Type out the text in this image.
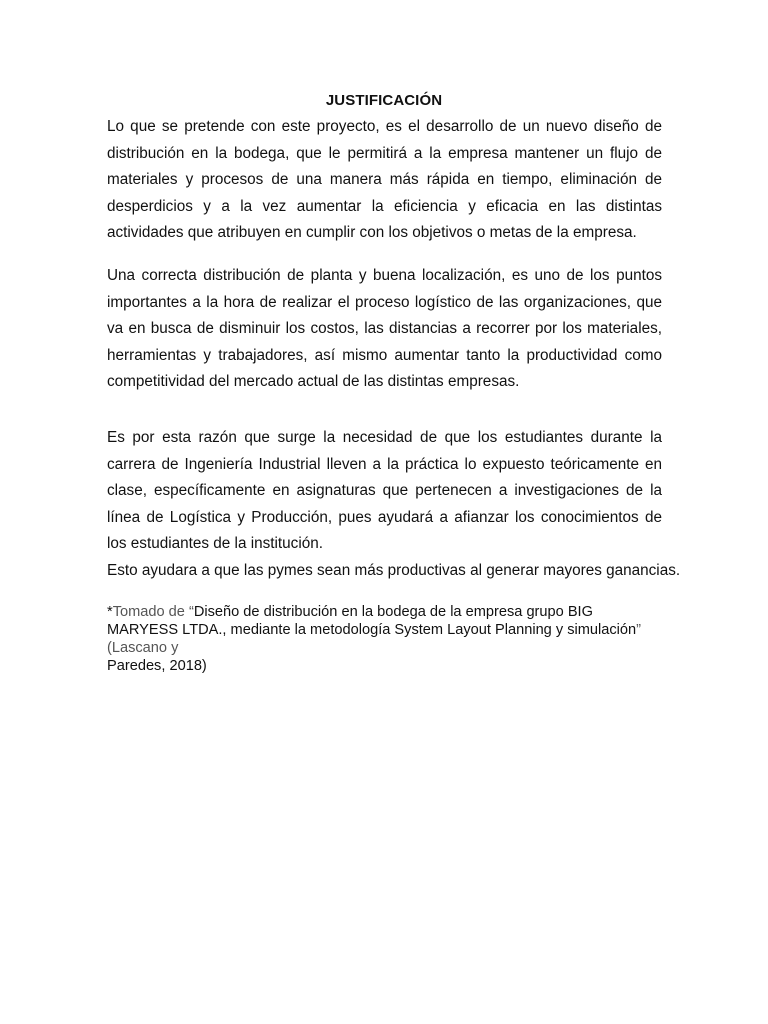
JUSTIFICACIÓN

Lo que se pretende con este proyecto, es el desarrollo de un nuevo diseño de distribución en la bodega, que le permitirá a la empresa mantener un flujo de materiales y procesos de una manera más rápida en tiempo, eliminación de desperdicios y a la vez aumentar la eficiencia y eficacia en las distintas actividades que atribuyen en cumplir con los objetivos o metas de la empresa.

Una correcta distribución de planta y buena localización, es uno de los puntos importantes a la hora de realizar el proceso logístico de las organizaciones, que va en busca de disminuir los costos, las distancias a recorrer por los materiales, herramientas y trabajadores, así mismo aumentar tanto la productividad como competitividad del mercado actual de las distintas empresas.

Es por esta razón que surge la necesidad de que los estudiantes durante la carrera de Ingeniería Industrial lleven a la práctica lo expuesto teóricamente en clase, específicamente en asignaturas que pertenecen a investigaciones de la línea de Logística y Producción, pues ayudará a afianzar los conocimientos de los estudiantes de la institución.

Esto ayudara a que las pymes sean más productivas al generar mayores ganancias.

*Tomado de “Diseño de distribución en la bodega de la empresa grupo BIG MARYESS LTDA., mediante la metodología System Layout Planning y simulación” (Lascano y
Paredes, 2018)
